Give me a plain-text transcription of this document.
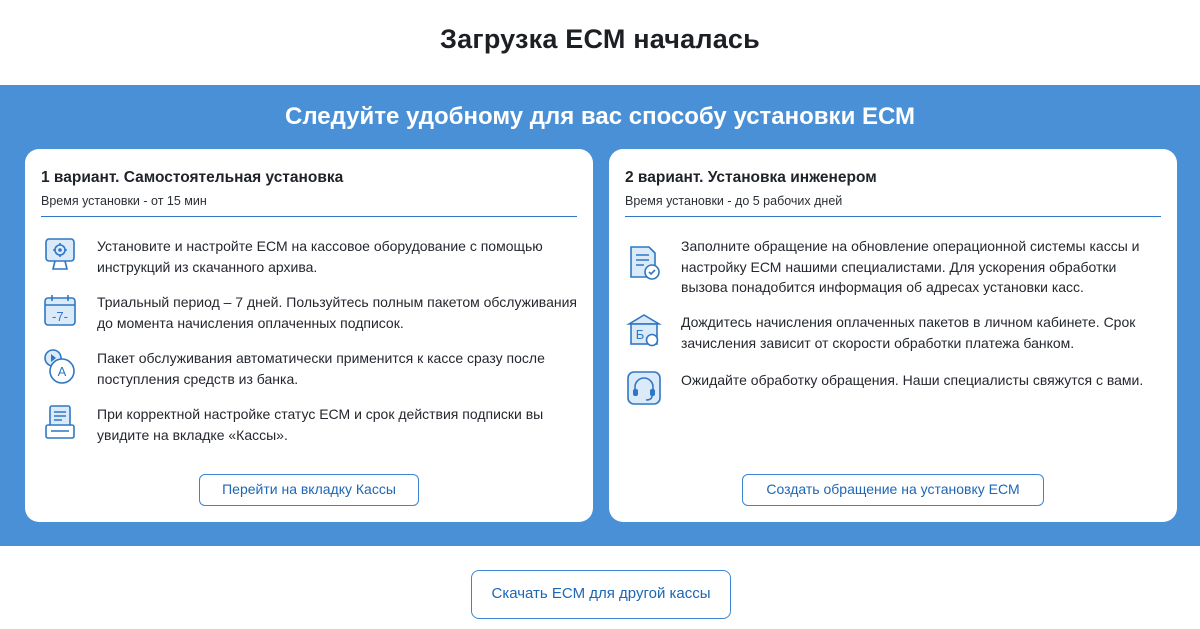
Загрузка ЕСМ началась
Следуйте удобному для вас способу установки ЕСМ
1 вариант. Самостоятельная установка
Время установки - от 15 мин
Установите и настройте ЕСМ на кассовое оборудование с помощью инструкций из скачанного архива.
-7-
Триальный период – 7 дней. Пользуйтесь полным пакетом обслуживания до момента начисления оплаченных подписок.
A
Пакет обслуживания автоматически применится к кассе сразу после поступления средств из банка.
При корректной настройке статус ЕСМ и срок действия подписки вы увидите на вкладке «Кассы».
Перейти на вкладку Кассы
2 вариант. Установка инженером
Время установки - до 5 рабочих дней
Заполните обращение на обновление операционной системы кассы и настройку ЕСМ нашими специалистами. Для ускорения обработки вызова понадобится информация об адресах установки касс.
Б
Дождитесь начисления оплаченных пакетов в личном кабинете. Срок зачисления зависит от скорости обработки платежа банком.
Ожидайте обработку обращения. Наши специалисты свяжутся с вами.
Создать обращение на установку ЕСМ
Скачать ЕСМ для другой кассы
